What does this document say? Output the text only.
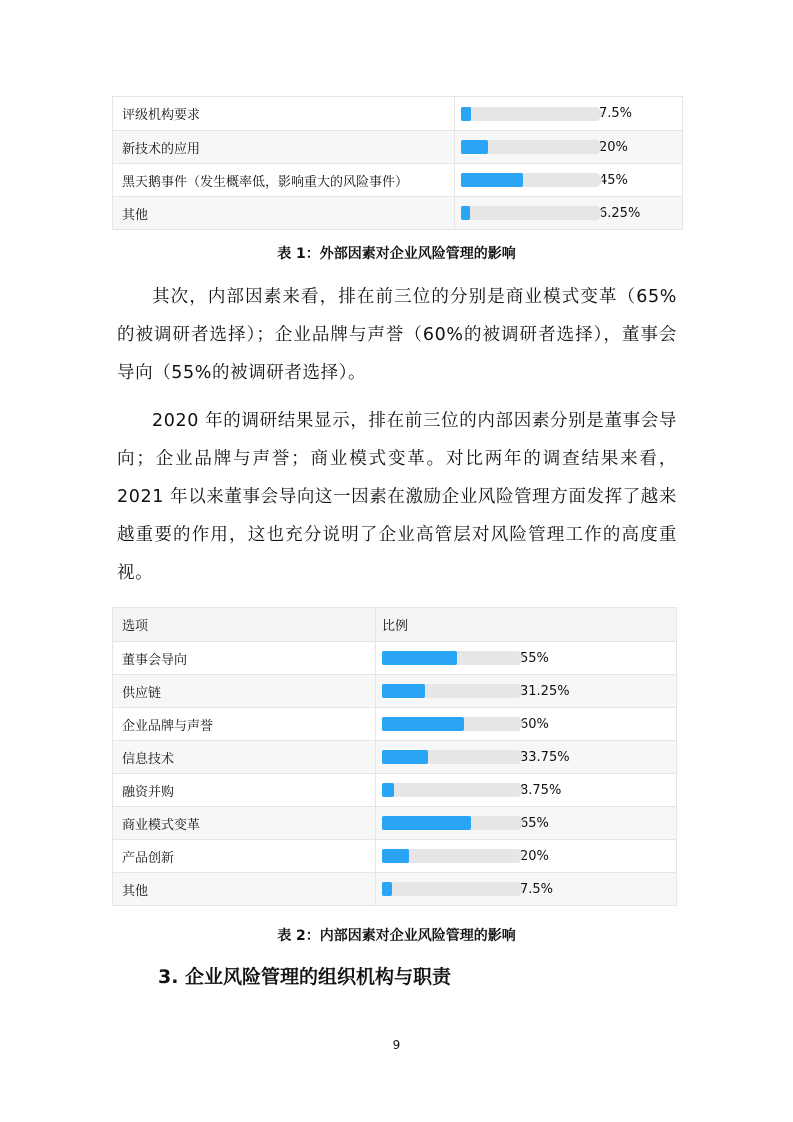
评级机构要求	7.5%
新技术的应用	20%
黑天鹅事件（发生概率低，影响重大的风险事件）	45%
其他	6.25%
表 1：外部因素对企业风险管理的影响

其次，内部因素来看，排在前三位的分别是商业模式变革（65%的被调研者选择）；企业品牌与声誉（60%的被调研者选择），董事会导向（55%的被调研者选择）。

2020 年的调研结果显示，排在前三位的内部因素分别是董事会导向；企业品牌与声誉；商业模式变革。对比两年的调查结果来看，2021 年以来董事会导向这一因素在激励企业风险管理方面发挥了越来越重要的作用，这也充分说明了企业高管层对风险管理工作的高度重视。

选项	比例
董事会导向	55%
供应链	31.25%
企业品牌与声誉	60%
信息技术	33.75%
融资并购	8.75%
商业模式变革	65%
产品创新	20%
其他	7.5%
表 2：内部因素对企业风险管理的影响
3. 企业风险管理的组织机构与职责
9
